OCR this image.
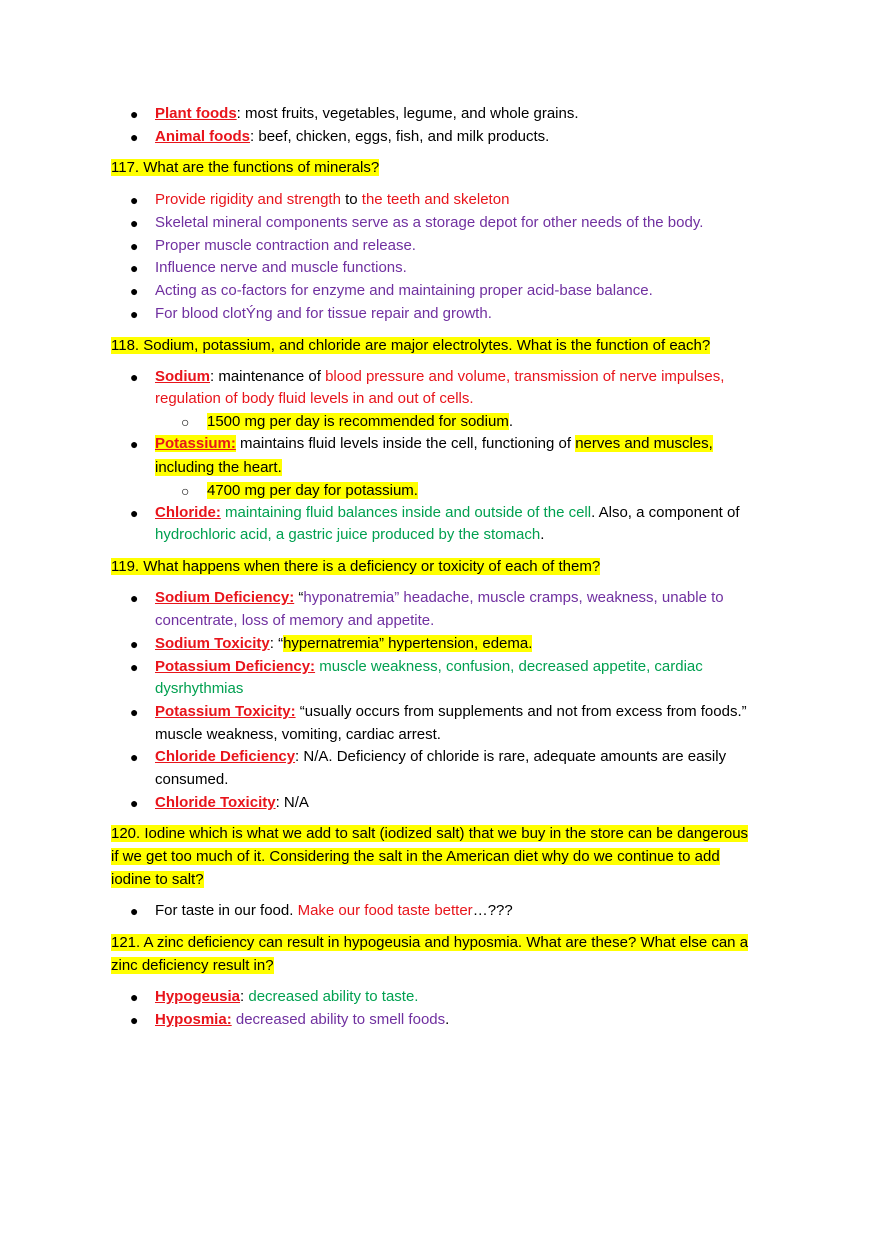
● Plant foods: most fruits, vegetables, legume, and whole grains.
● Animal foods: beef, chicken, eggs, fish, and milk products.
117. What are the functions of minerals?
● Provide rigidity and strength to the teeth and skeleton
● Skeletal mineral components serve as a storage depot for other needs of the body.
● Proper muscle contraction and release.
● Influence nerve and muscle functions.
● Acting as co-factors for enzyme and maintaining proper acid-base balance.
● For blood clotÝng and for tissue repair and growth.
118. Sodium, potassium, and chloride are major electrolytes. What is the function of each?
● Sodium: maintenance of blood pressure and volume, transmission of nerve impulses,
regulation of body fluid levels in and out of cells.
○ 1500 mg per day is recommended for sodium.
● Potassium: maintains fluid levels inside the cell, functioning of nerves and muscles,
including the heart.
○ 4700 mg per day for potassium.
● Chloride: maintaining fluid balances inside and outside of the cell. Also, a component of
hydrochloric acid, a gastric juice produced by the stomach.
119. What happens when there is a deficiency or toxicity of each of them?
● Sodium Deficiency: “hyponatremia” headache, muscle cramps, weakness, unable to
concentrate, loss of memory and appetite.
● Sodium Toxicity: “hypernatremia” hypertension, edema.
● Potassium Deficiency: muscle weakness, confusion, decreased appetite, cardiac
dysrhythmias
● Potassium Toxicity: “usually occurs from supplements and not from excess from foods.”
muscle weakness, vomiting, cardiac arrest.
● Chloride Deficiency: N/A. Deficiency of chloride is rare, adequate amounts are easily
consumed.
● Chloride Toxicity: N/A
120. Iodine which is what we add to salt (iodized salt) that we buy in the store can be dangerous
if we get too much of it. Considering the salt in the American diet why do we continue to add
iodine to salt?
● For taste in our food. Make our food taste better…???
121. A zinc deficiency can result in hypogeusia and hyposmia. What are these? What else can a
zinc deficiency result in?
● Hypogeusia: decreased ability to taste.
● Hyposmia: decreased ability to smell foods.
